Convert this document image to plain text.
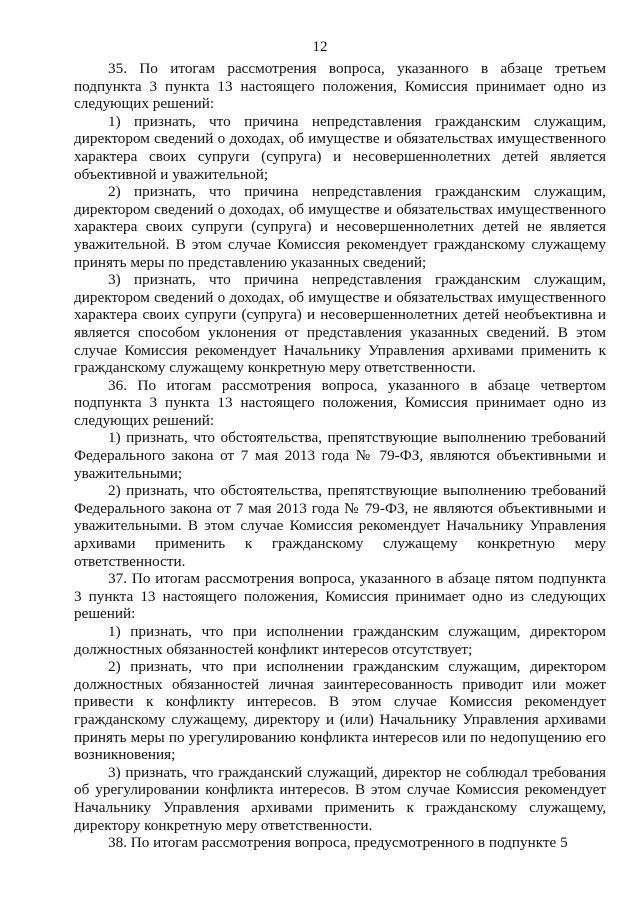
12

35. По итогам рассмотрения вопроса, указанного в абзаце третьем подпункта 3 пункта 13 настоящего положения, Комиссия принимает одно из следующих решений:

1) признать, что причина непредставления гражданским служащим, директором сведений о доходах, об имуществе и обязательствах имущественного характера своих супруги (супруга) и несовершеннолетних детей является объективной и уважительной;

2) признать, что причина непредставления гражданским служащим, директором сведений о доходах, об имуществе и обязательствах имущественного характера своих супруги (супруга) и несовершеннолетних детей не является уважительной. В этом случае Комиссия рекомендует гражданскому служащему принять меры по представлению указанных сведений;

3) признать, что причина непредставления гражданским служащим, директором сведений о доходах, об имуществе и обязательствах имущественного характера своих супруги (супруга) и несовершеннолетних детей необъективна и является способом уклонения от представления указанных сведений. В этом случае Комиссия рекомендует Начальнику Управления архивами применить к гражданскому служащему конкретную меру ответственности.

36. По итогам рассмотрения вопроса, указанного в абзаце четвертом подпункта 3 пункта 13 настоящего положения, Комиссия принимает одно из следующих решений:

1) признать, что обстоятельства, препятствующие выполнению требований Федерального закона от 7 мая 2013 года № 79-ФЗ, являются объективными и уважительными;

2) признать, что обстоятельства, препятствующие выполнению требований Федерального закона от 7 мая 2013 года № 79-ФЗ, не являются объективными и уважительными. В этом случае Комиссия рекомендует Начальнику Управления архивами применить к гражданскому служащему конкретную меру ответственности.

37. По итогам рассмотрения вопроса, указанного в абзаце пятом подпункта 3 пункта 13 настоящего положения, Комиссия принимает одно из следующих решений:

1) признать, что при исполнении гражданским служащим, директором должностных обязанностей конфликт интересов отсутствует;

2) признать, что при исполнении гражданским служащим, директором должностных обязанностей личная заинтересованность приводит или может привести к конфликту интересов. В этом случае Комиссия рекомендует гражданскому служащему, директору и (или) Начальнику Управления архивами принять меры по урегулированию конфликта интересов или по недопущению его возникновения;

3) признать, что гражданский служащий, директор не соблюдал требования об урегулировании конфликта интересов. В этом случае Комиссия рекомендует Начальнику Управления архивами применить к гражданскому служащему, директору конкретную меру ответственности.

38. По итогам рассмотрения вопроса, предусмотренного в подпункте 5
